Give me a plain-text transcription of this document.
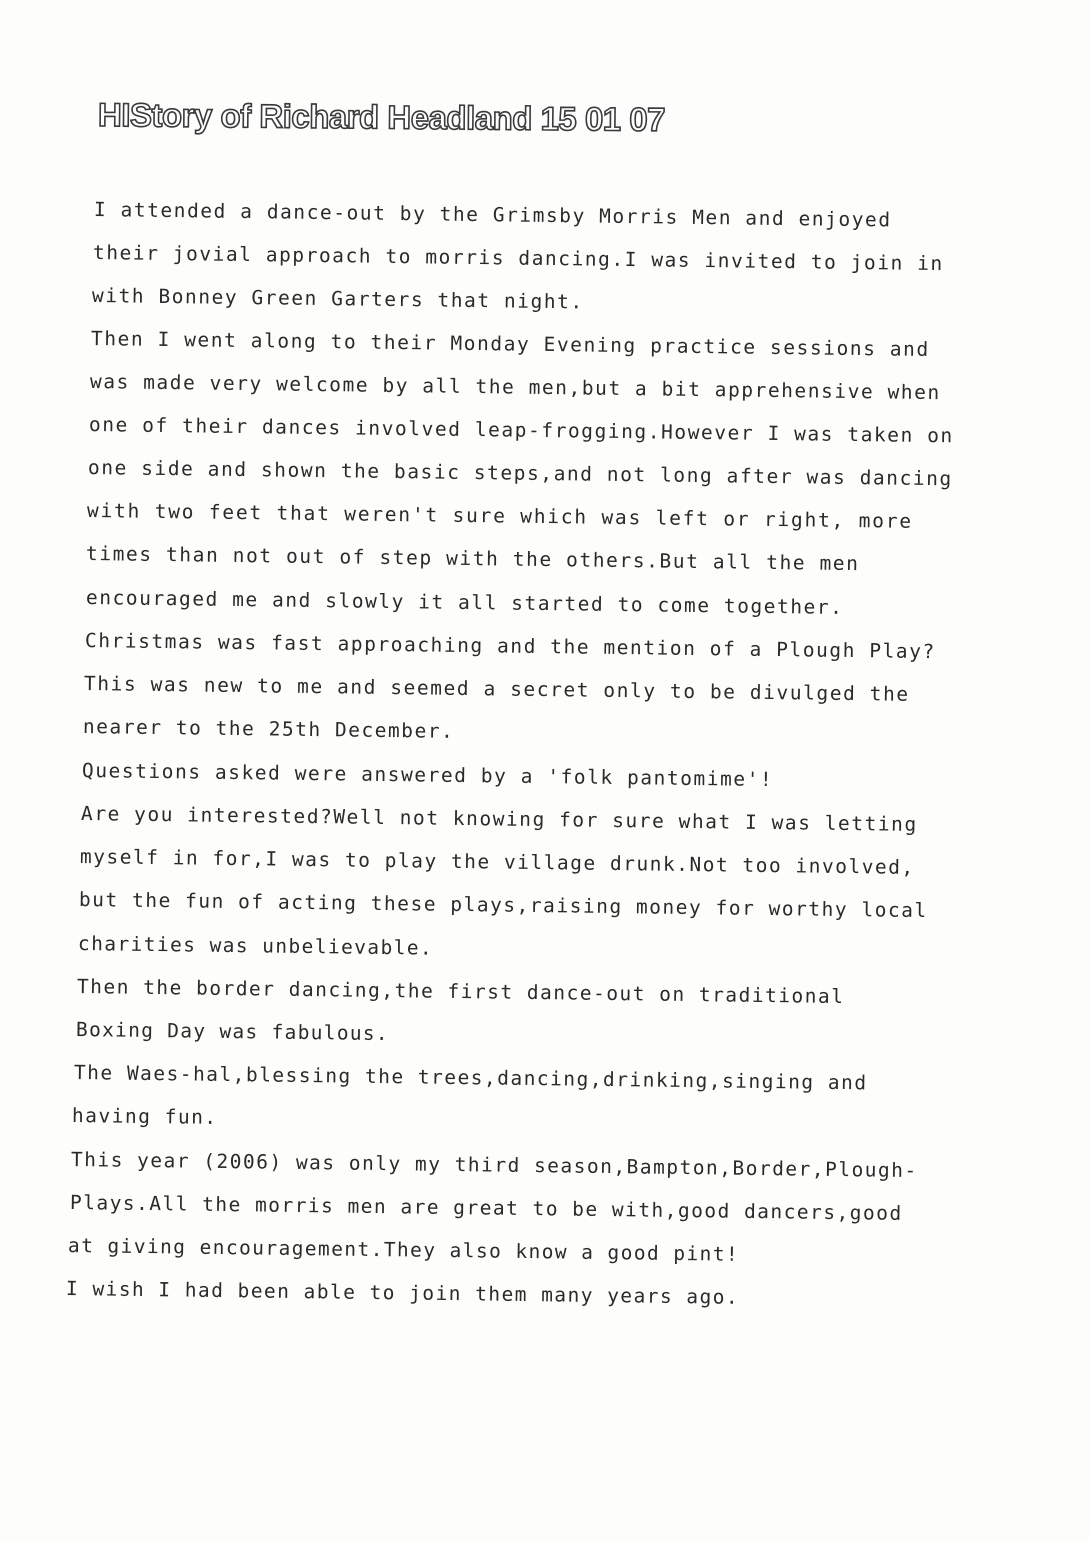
HIStory of Richard Headland 15 01 07
I attended a dance-out by the Grimsby Morris Men and enjoyed
their jovial approach to morris dancing.I was invited to join in
with Bonney Green Garters that night.
Then I went along to their Monday Evening practice sessions and
was made very welcome by all the men,but a bit apprehensive when
one of their dances involved leap-frogging.However I was taken on
one side and shown the basic steps,and not long after was dancing
with two feet that weren't sure which was left or right, more
times than not out of step with the others.But all the men
encouraged me and slowly it all started to come together.
Christmas was fast approaching and the mention of a Plough Play?
This was new to me and seemed a secret only to be divulged the
nearer to the 25th December.
Questions asked were answered by a 'folk pantomime'!
Are you interested?Well not knowing for sure what I was letting
myself in for,I was to play the village drunk.Not too involved,
but the fun of acting these plays,raising money for worthy local
charities was unbelievable.
Then the border dancing,the first dance-out on traditional
Boxing Day was fabulous.
The Waes-hal,blessing the trees,dancing,drinking,singing and
having fun.
This year (2006) was only my third season,Bampton,Border,Plough-
Plays.All the morris men are great to be with,good dancers,good
at giving encouragement.They also know a good pint!
I wish I had been able to join them many years ago.
